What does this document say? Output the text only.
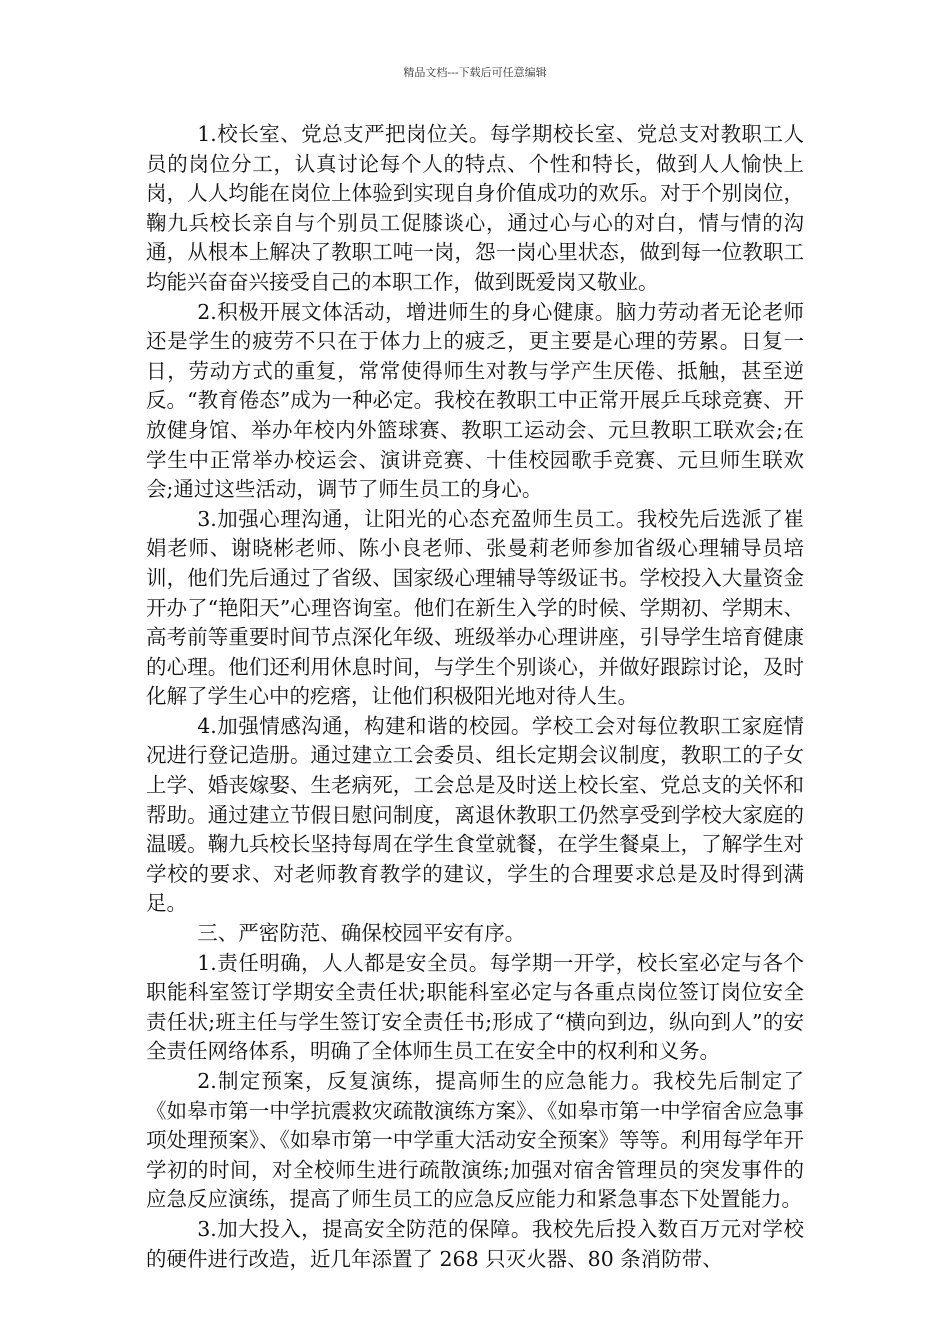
精品文档---下载后可任意编辑

1.校长室、党总支严把岗位关。每学期校长室、党总支对教职工人员的岗位分工，认真讨论每个人的特点、个性和特长，做到人人愉快上岗，人人均能在岗位上体验到实现自身价值成功的欢乐。对于个别岗位，鞠九兵校长亲自与个别员工促膝谈心，通过心与心的对白，情与情的沟通，从根本上解决了教职工吨一岗，怨一岗心里状态，做到每一位教职工均能兴奋奋兴接受自己的本职工作，做到既爱岗又敬业。

2.积极开展文体活动，增进师生的身心健康。脑力劳动者无论老师还是学生的疲劳不只在于体力上的疲乏，更主要是心理的劳累。日复一日，劳动方式的重复，常常使得师生对教与学产生厌倦、抵触，甚至逆反。“教育倦态”成为一种必定。我校在教职工中正常开展乒乓球竞赛、开放健身馆、举办年校内外篮球赛、教职工运动会、元旦教职工联欢会;在学生中正常举办校运会、演讲竞赛、十佳校园歌手竞赛、元旦师生联欢会;通过这些活动，调节了师生员工的身心。

3.加强心理沟通，让阳光的心态充盈师生员工。我校先后选派了崔娟老师、谢晓彬老师、陈小良老师、张曼莉老师参加省级心理辅导员培训，他们先后通过了省级、国家级心理辅导等级证书。学校投入大量资金开办了“艳阳天”心理咨询室。他们在新生入学的时候、学期初、学期末、高考前等重要时间节点深化年级、班级举办心理讲座，引导学生培育健康的心理。他们还利用休息时间，与学生个别谈心，并做好跟踪讨论，及时化解了学生心中的疙瘩，让他们积极阳光地对待人生。

4.加强情感沟通，构建和谐的校园。学校工会对每位教职工家庭情况进行登记造册。通过建立工会委员、组长定期会议制度，教职工的子女上学、婚丧嫁娶、生老病死，工会总是及时送上校长室、党总支的关怀和帮助。通过建立节假日慰问制度，离退休教职工仍然享受到学校大家庭的温暖。鞠九兵校长坚持每周在学生食堂就餐，在学生餐桌上，了解学生对学校的要求、对老师教育教学的建议，学生的合理要求总是及时得到满足。

三、严密防范、确保校园平安有序。

1.责任明确，人人都是安全员。每学期一开学，校长室必定与各个职能科室签订学期安全责任状;职能科室必定与各重点岗位签订岗位安全责任状;班主任与学生签订安全责任书;形成了“横向到边，纵向到人”的安全责任网络体系，明确了全体师生员工在安全中的权利和义务。

2.制定预案，反复演练，提高师生的应急能力。我校先后制定了《如皋市第一中学抗震救灾疏散演练方案》、《如皋市第一中学宿舍应急事项处理预案》、《如皋市第一中学重大活动安全预案》等等。利用每学年开学初的时间，对全校师生进行疏散演练;加强对宿舍管理员的突发事件的应急反应演练，提高了师生员工的应急反应能力和紧急事态下处置能力。

3.加大投入，提高安全防范的保障。我校先后投入数百万元对学校的硬件进行改造，近几年添置了 268 只灭火器、80 条消防带、
